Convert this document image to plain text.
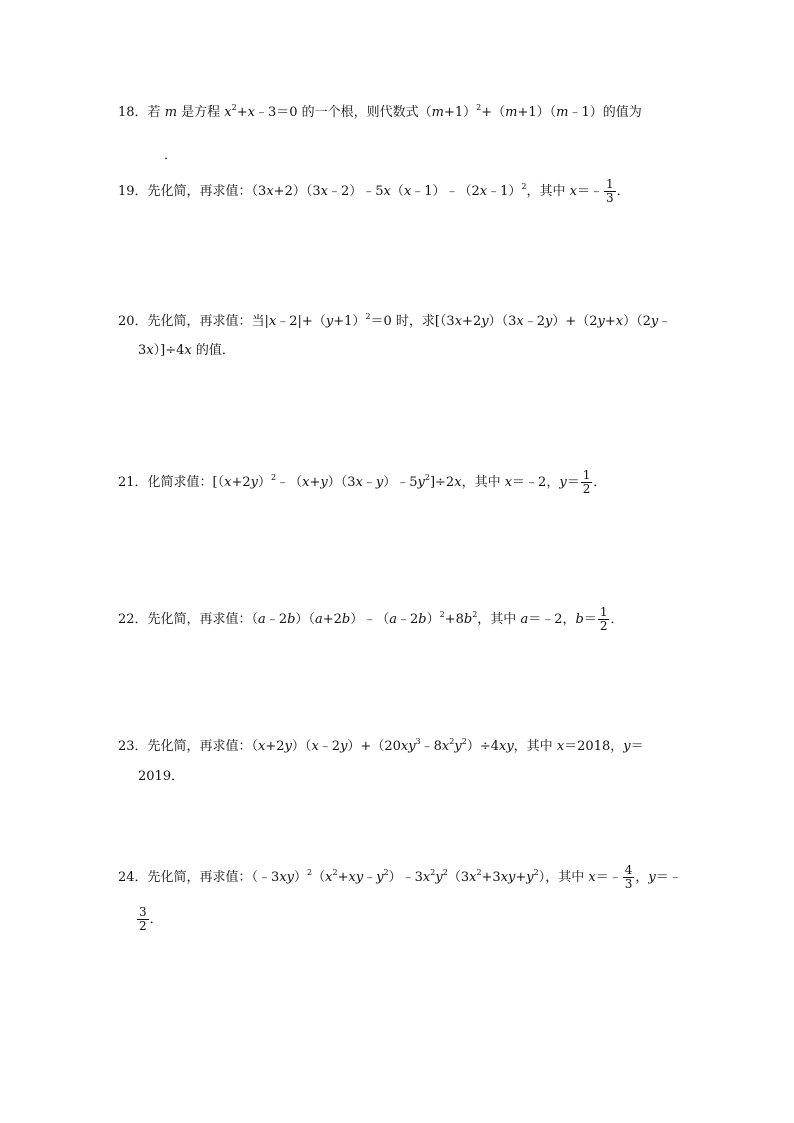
18．若 m 是方程 $x^2+x﹣3=0$ 的一个根，则代数式$(m+1)^2+(m+1)(m﹣1)$的值为
．
19．先化简，再求值：（3x+2）（3x﹣2）﹣5x（x﹣1）﹣（2x﹣1）$^2$，其中 x＝﹣ $\frac{1}{3}$ ．
20．先化简，再求值：当$|x﹣2|+(y+1)^2=0$ 时，求[（3x+2y）（3x﹣2y）+（2y+x）（2y﹣
3x）]÷4x 的值．
21．化简求值：$[(x+2y)^2﹣(x+y)(3x﹣y)﹣5y^2]\div 2x$，其中 x＝﹣2，$y= \frac{1}{2}$ ．
22．先化简，再求值：$(a﹣2b)(a+2b)﹣(a﹣2b)^2+8b^2$，其中 a＝﹣2，$b= \frac{1}{2}$ ．
23．先化简，再求值：$(x+2y)(x﹣2y)+(20xy^3﹣8x^2y^2)\div 4xy$，其中 x＝2018，y＝
2019．
24．先化简，再求值：$(﹣3xy)^2(x^2+xy﹣y^2)﹣3x^2y^2(3x^2+3xy+y^2)$，其中 x＝﹣ $\frac{4}{3}$ ，y＝﹣
$\frac{3}{2}$ ．
